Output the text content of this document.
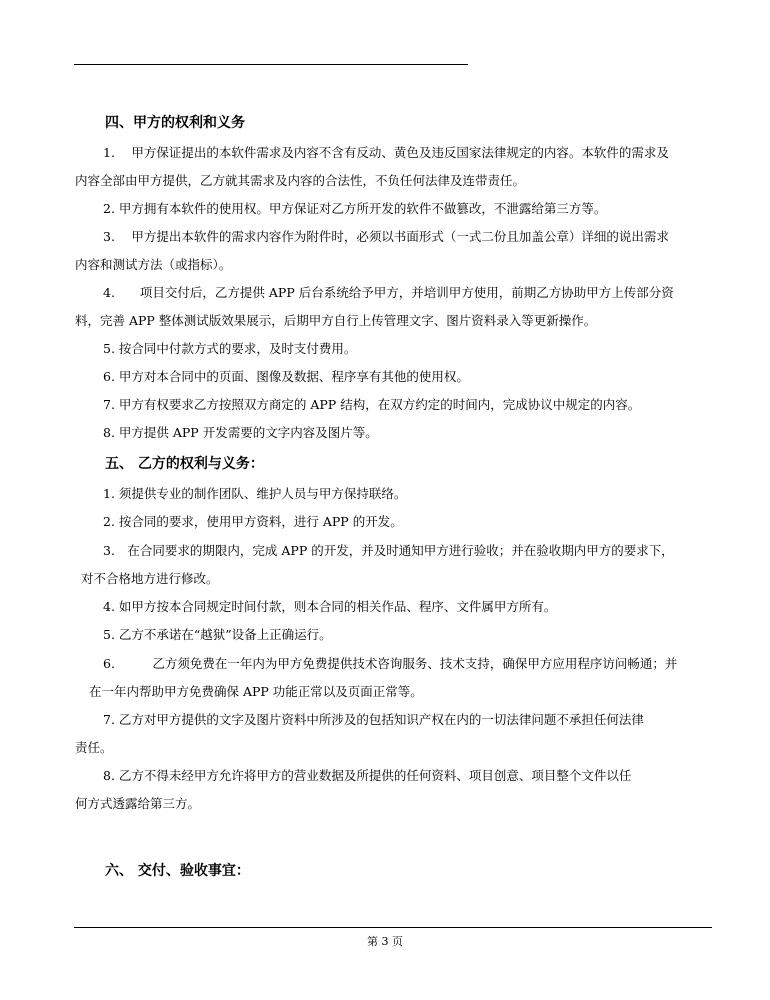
四、甲方的权利和义务
1.　 甲方保证提出的本软件需求及内容不含有反动、黄色及违反国家法律规定的内容。本软件的需求及
内容全部由甲方提供，乙方就其需求及内容的合法性，不负任何法律及连带责任。
2. 甲方拥有本软件的使用权。甲方保证对乙方所开发的软件不做篡改，不泄露给第三方等。
3.　 甲方提出本软件的需求内容作为附件时，必须以书面形式（一式二份且加盖公章）详细的说出需求
内容和测试方法（或指标）。
4.　　项目交付后，乙方提供 APP 后台系统给予甲方，并培训甲方使用，前期乙方协助甲方上传部分资
料，完善 APP 整体测试版效果展示，后期甲方自行上传管理文字、图片资料录入等更新操作。
5. 按合同中付款方式的要求，及时支付费用。
6. 甲方对本合同中的页面、图像及数据、程序享有其他的使用权。
7. 甲方有权要求乙方按照双方商定的 APP 结构，在双方约定的时间内，完成协议中规定的内容。
8. 甲方提供 APP 开发需要的文字内容及图片等。
五、 乙方的权利与义务：
1. 须提供专业的制作团队、维护人员与甲方保持联络。
2. 按合同的要求，使用甲方资料，进行 APP 的开发。
3.　在合同要求的期限内，完成 APP 的开发，并及时通知甲方进行验收；并在验收期内甲方的要求下，
对不合格地方进行修改。
4. 如甲方按本合同规定时间付款，则本合同的相关作品、程序、文件属甲方所有。
5. 乙方不承诺在“越狱”设备上正确运行。
6.　　　乙方须免费在一年内为甲方免费提供技术咨询服务、技术支持，确保甲方应用程序访问畅通；并
在一年内帮助甲方免费确保 APP 功能正常以及页面正常等。
7. 乙方对甲方提供的文字及图片资料中所涉及的包括知识产权在内的一切法律问题不承担任何法律
责任。
8. 乙方不得未经甲方允许将甲方的营业数据及所提供的任何资料、项目创意、项目整个文件以任
何方式透露给第三方。
六、 交付、验收事宜：
第 3 页
